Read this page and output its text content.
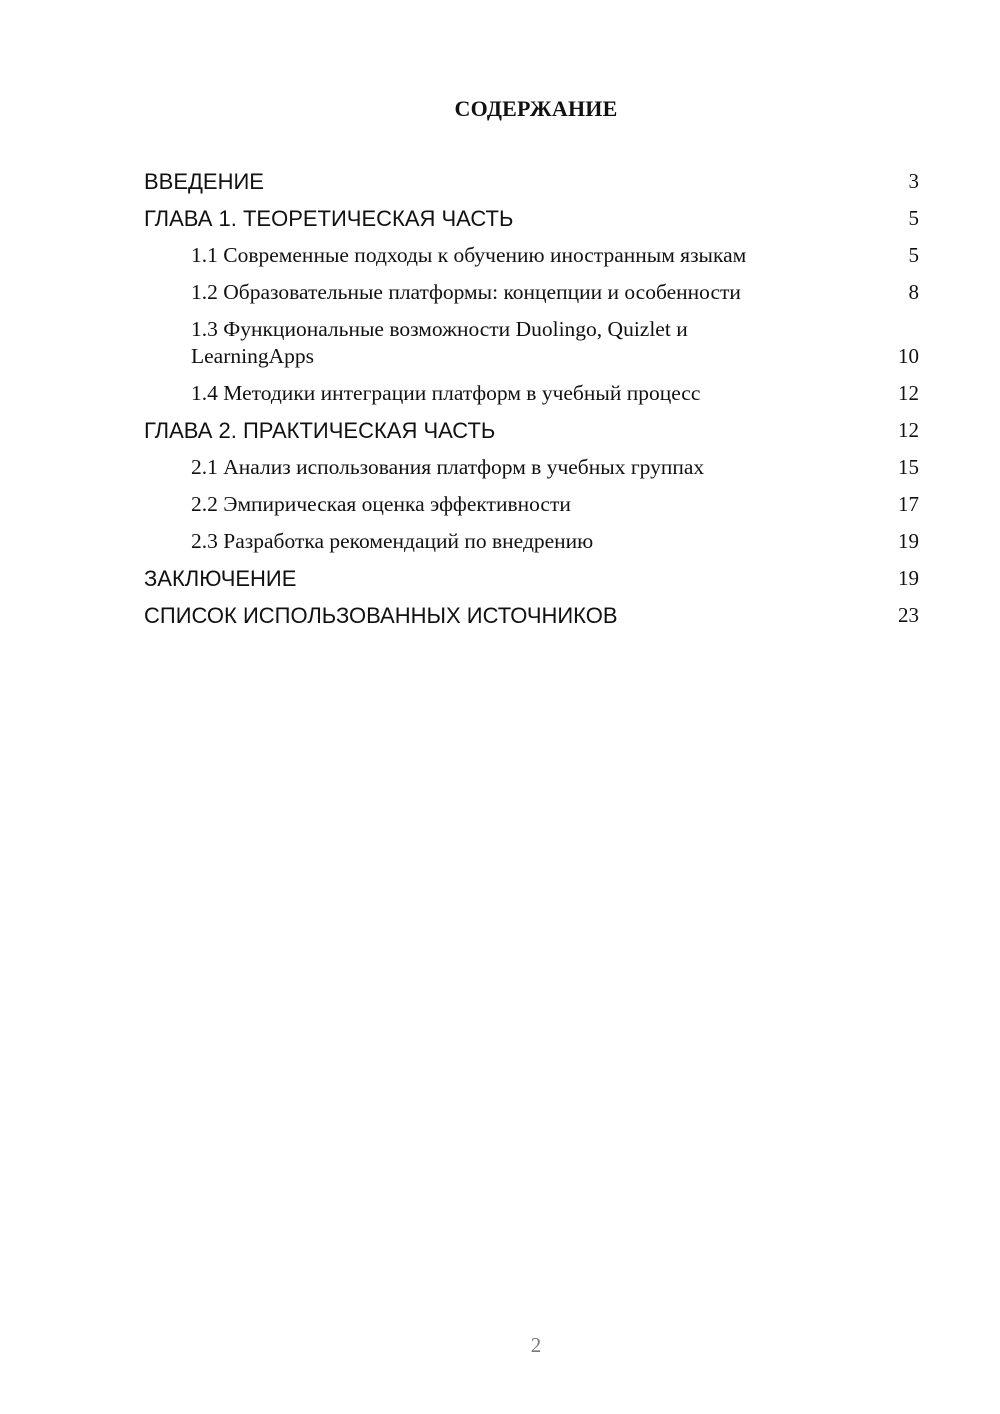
СОДЕРЖАНИЕ
ВВЕДЕНИЕ	3
ГЛАВА 1. ТЕОРЕТИЧЕСКАЯ ЧАСТЬ	5
1.1 Современные подходы к обучению иностранным языкам	5
1.2 Образовательные платформы: концепции и особенности	8
1.3 Функциональные возможности Duolingo, Quizlet и LearningApps	10
1.4 Методики интеграции платформ в учебный процесс	12
ГЛАВА 2. ПРАКТИЧЕСКАЯ ЧАСТЬ	12
2.1 Анализ использования платформ в учебных группах	15
2.2 Эмпирическая оценка эффективности	17
2.3 Разработка рекомендаций по внедрению	19
ЗАКЛЮЧЕНИЕ	19
СПИСОК ИСПОЛЬЗОВАННЫХ ИСТОЧНИКОВ	23
2
